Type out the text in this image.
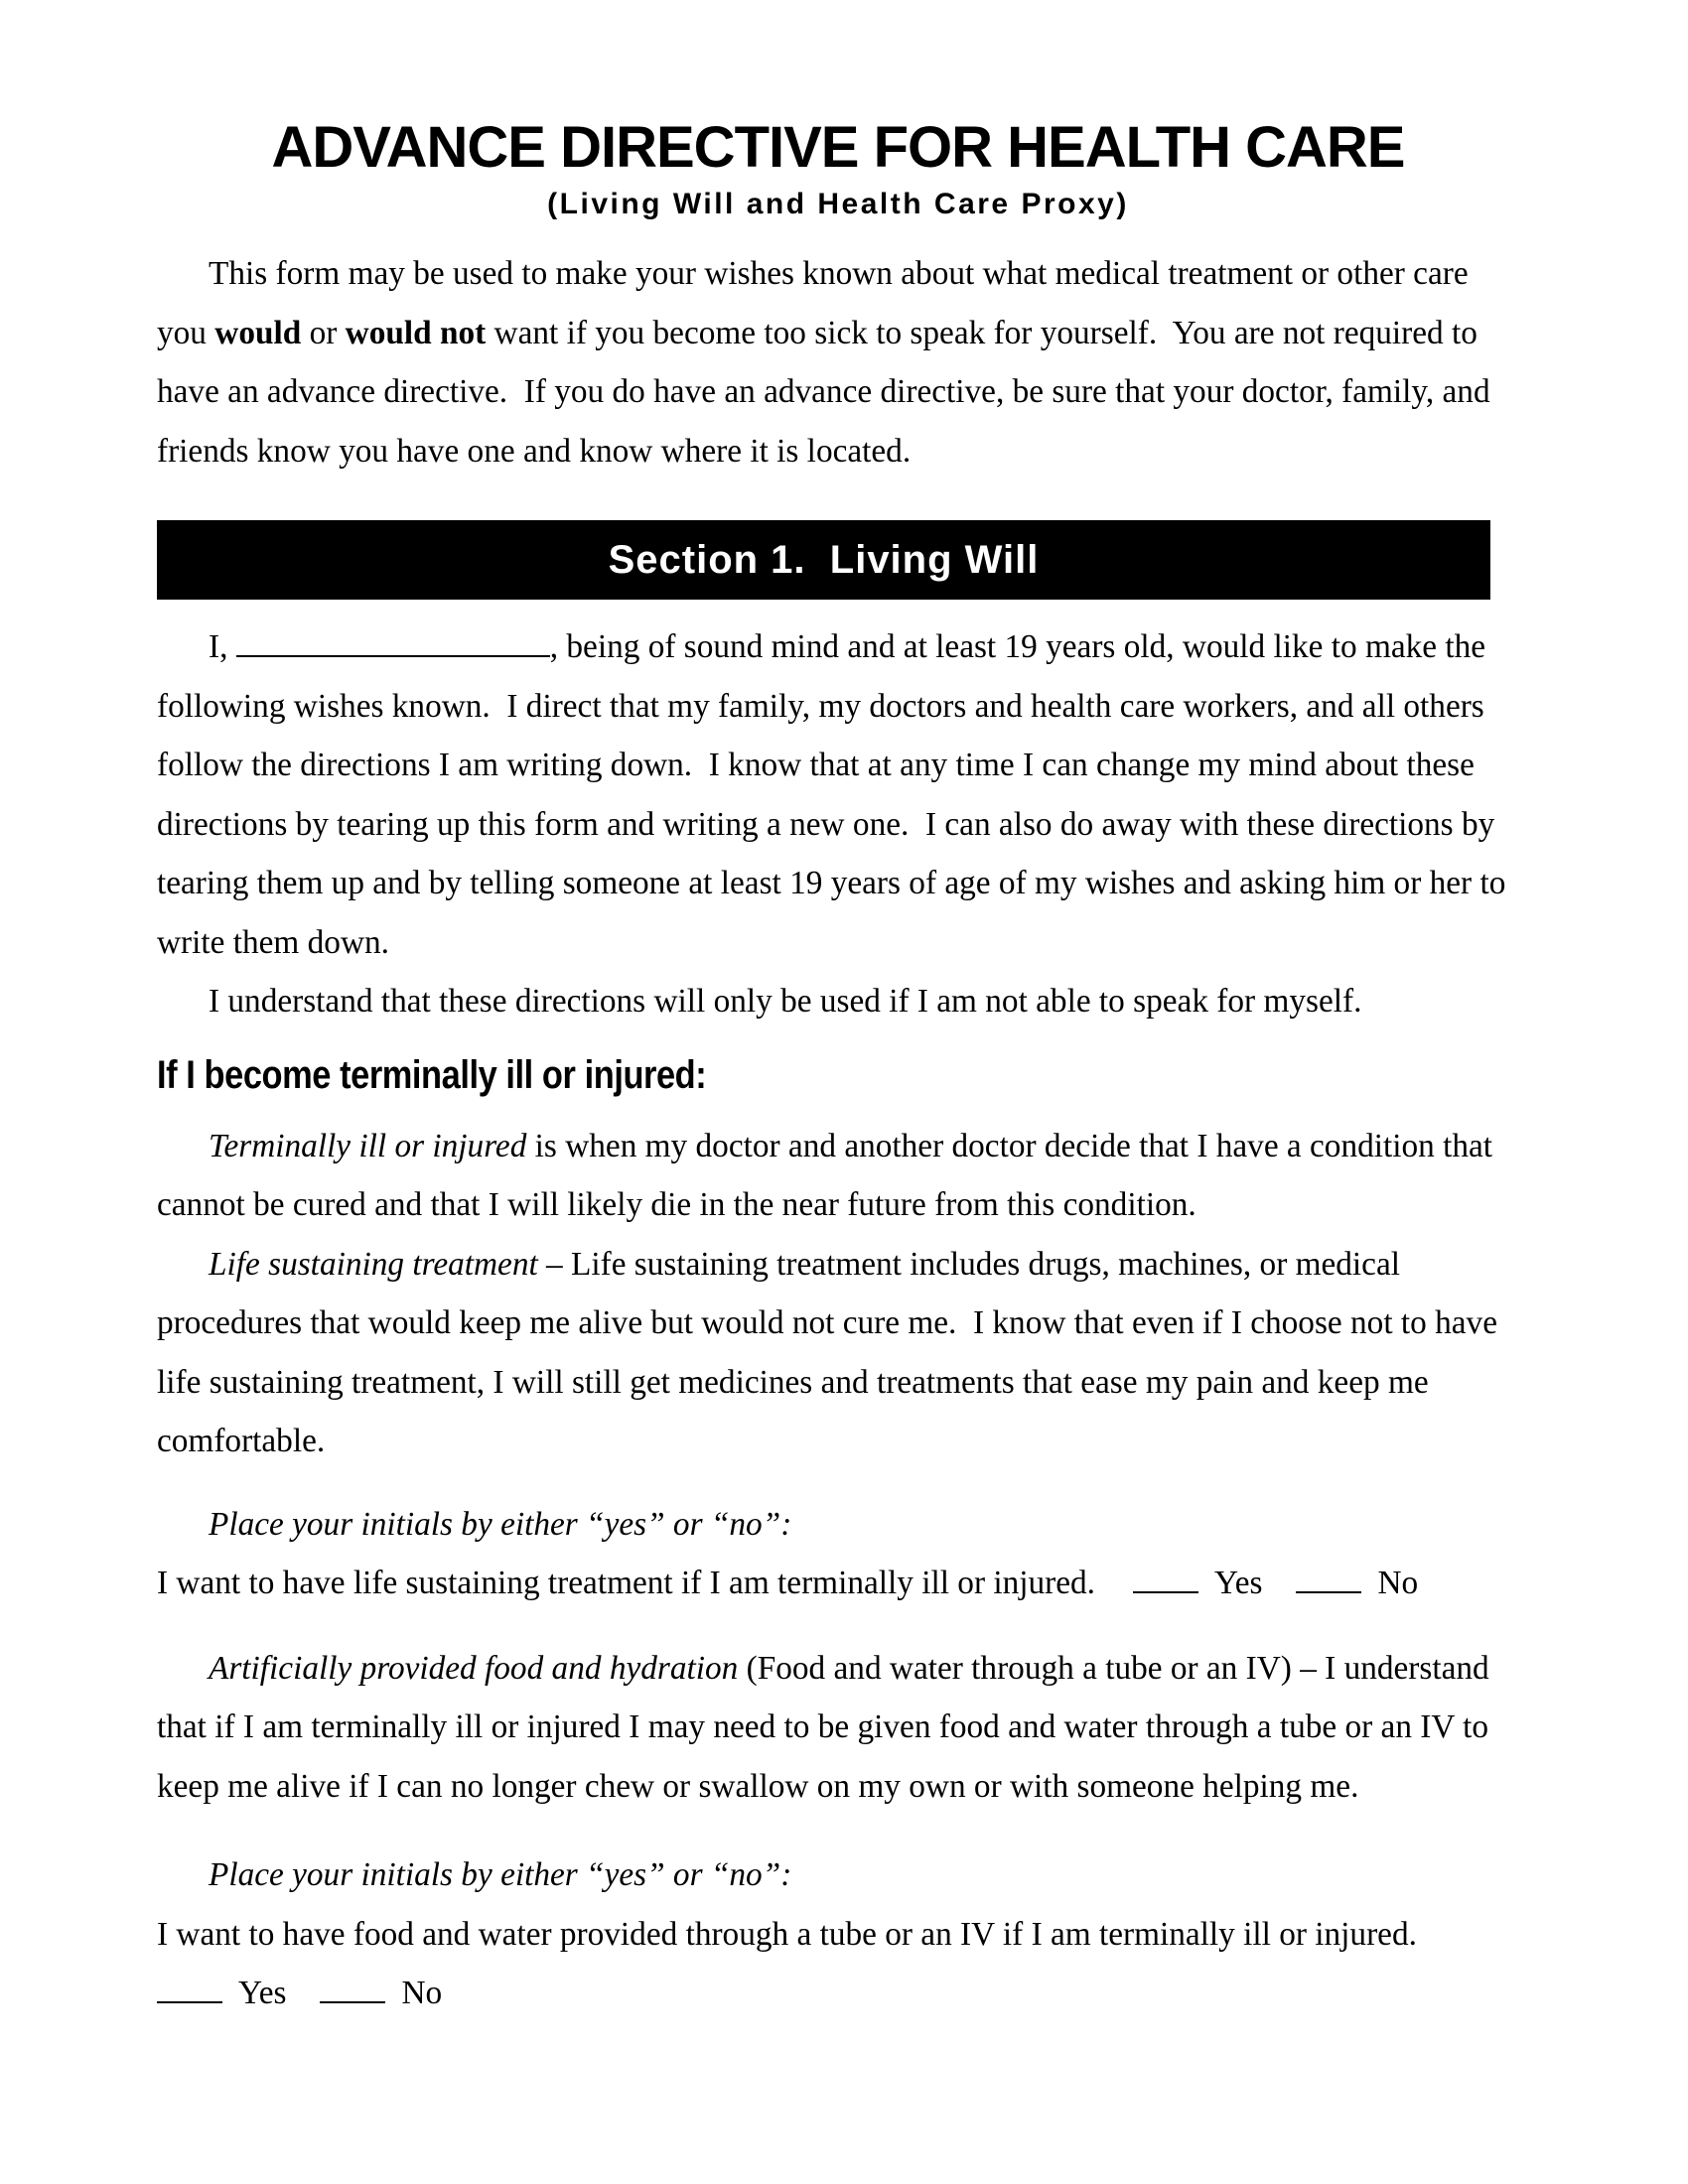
ADVANCE DIRECTIVE FOR HEALTH CARE
(Living Will and Health Care Proxy)

This form may be used to make your wishes known about what medical treatment or other care you would or would not want if you become too sick to speak for yourself.  You are not required to have an advance directive.  If you do have an advance directive, be sure that your doctor, family, and friends know you have one and know where it is located.

Section 1.  Living Will

I,	, being of sound mind and at least 19 years old, would like to make the following wishes known.  I direct that my family, my doctors and health care workers, and all others follow the directions I am writing down.  I know that at any time I can change my mind about these directions by tearing up this form and writing a new one.  I can also do away with these directions by tearing them up and by telling someone at least 19 years of age of my wishes and asking him or her to write them down.

I understand that these directions will only be used if I am not able to speak for myself.

If I become terminally ill or injured:

Terminally ill or injured is when my doctor and another doctor decide that I have a condition that cannot be cured and that I will likely die in the near future from this condition.

Life sustaining treatment – Life sustaining treatment includes drugs, machines, or medical procedures that would keep me alive but would not cure me.  I know that even if I choose not to have life sustaining treatment, I will still get medicines and treatments that ease my pain and keep me comfortable.

Place your initials by either “yes” or “no”:

I want to have life sustaining treatment if I am terminally ill or injured.	Yes	No

Artificially provided food and hydration (Food and water through a tube or an IV) – I understand that if I am terminally ill or injured I may need to be given food and water through a tube or an IV to keep me alive if I can no longer chew or swallow on my own or with someone helping me.

Place your initials by either “yes” or “no”:

I want to have food and water provided through a tube or an IV if I am terminally ill or injured.

Yes	No
